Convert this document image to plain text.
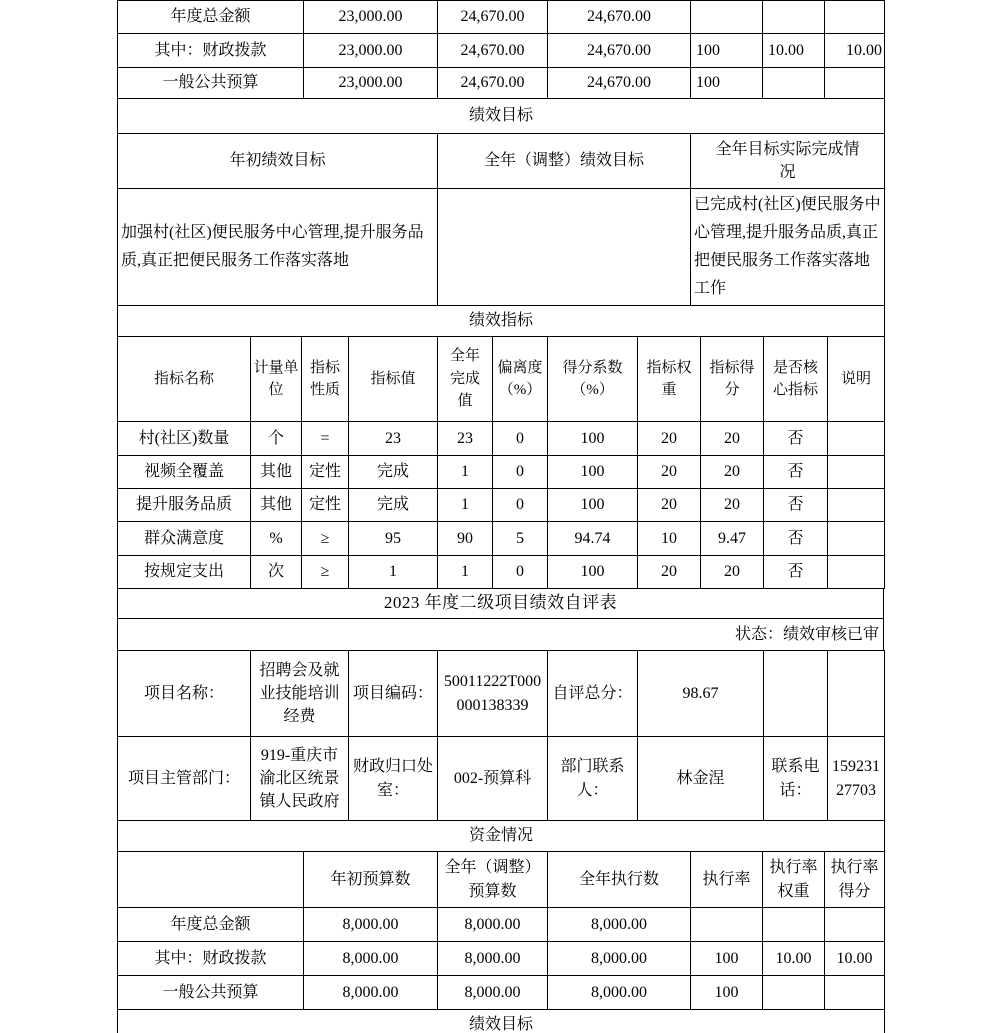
年度总金额	23,000.00	24,670.00	24,670.00			
其中：财政拨款	23,000.00	24,670.00	24,670.00	100	10.00	10.00
一般公共预算	23,000.00	24,670.00	24,670.00	100		
绩效目标		
年初绩效目标	全年（调整）绩效目标	全年目标实际完成情况
加强村(社区)便民服务中心管理,提升服务品质,真正把便民服务工作落实落地		已完成村(社区)便民服务中心管理,提升服务品质,真正把便民服务工作落实落地工作
绩效指标										
指标名称	计量单位	指标性质	指标值	全年完成值	偏离度（%）	得分系数（%）	指标权重	指标得分	是否核心指标	说明
村(社区)数量	个	=	23	23	0	100	20	20	否	
视频全覆盖	其他	定性	完成	1	0	100	20	20	否	
提升服务品质	其他	定性	完成	1	0	100	20	20	否	
群众满意度	%	≥	95	90	5	94.74	10	9.47	否	
按规定支出	次	≥	1	1	0	100	20	20	否	
2023 年度二级项目绩效自评表
状态：绩效审核已审
项目名称：	招聘会及就业技能培训经费	项目编码：	50011222T000000138339	自评总分：	98.67		
项目主管部门：	919-重庆市渝北区统景镇人民政府	财政归口处室：	002-预算科	部门联系人：	林金涅	联系电话：	15923127703
资金情况						
	年初预算数	全年（调整）预算数	全年执行数	执行率	执行率权重	执行率得分
年度总金额	8,000.00	8,000.00	8,000.00			
其中：财政拨款	8,000.00	8,000.00	8,000.00	100	10.00	10.00
一般公共预算	8,000.00	8,000.00	8,000.00	100		
绩效目标						
